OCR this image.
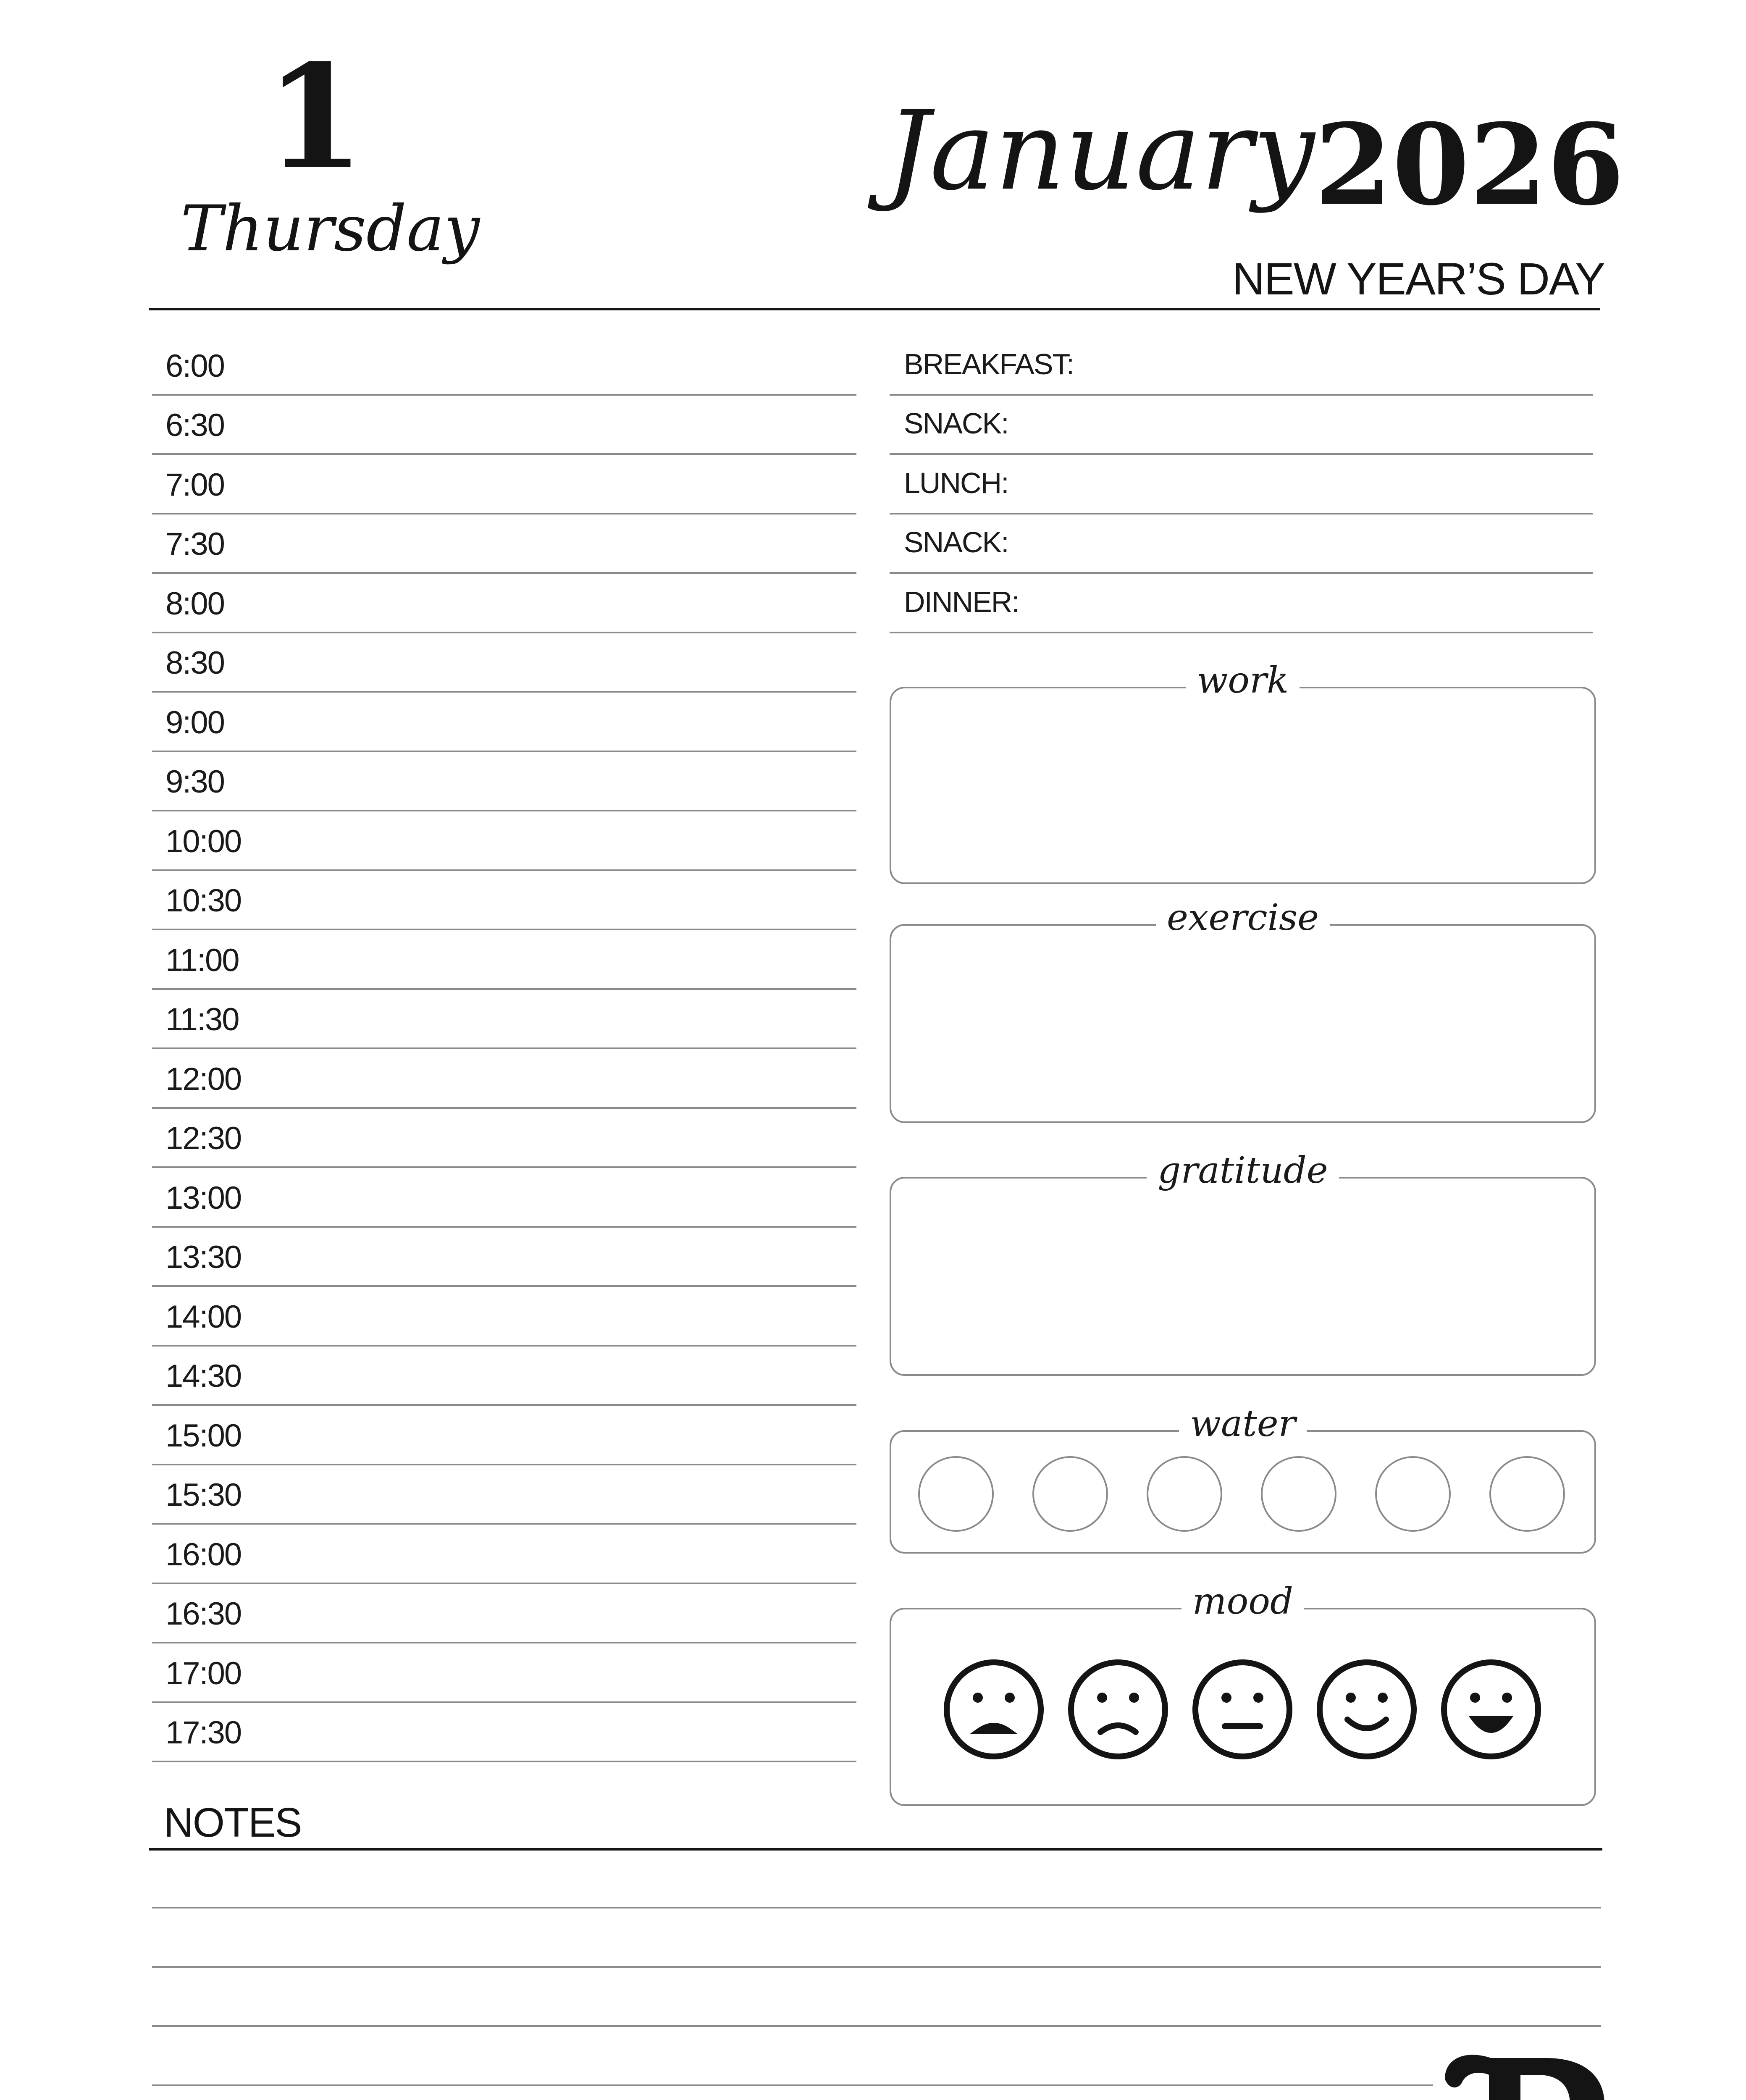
1
Thursday
January 2026
NEW YEAR’S DAY
6:00
6:30
7:00
7:30
8:00
8:30
9:00
9:30
10:00
10:30
11:00
11:30
12:00
12:30
13:00
13:30
14:00
14:30
15:00
15:30
16:00
16:30
17:00
17:30
BREAKFAST:
SNACK:
LUNCH:
SNACK:
DINNER:
work
exercise
gratitude
water
mood
NOTES
